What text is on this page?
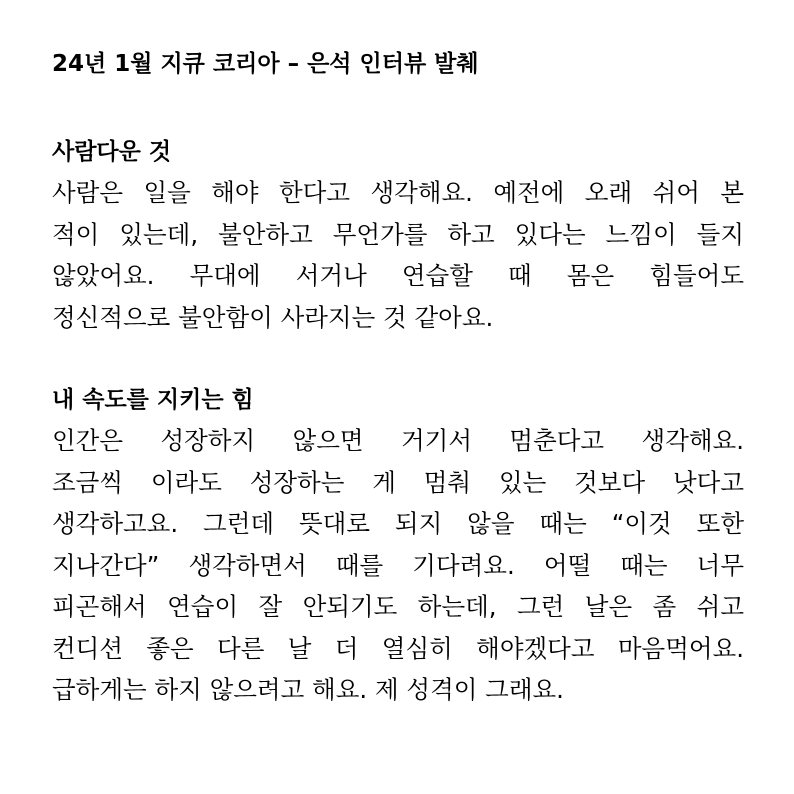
24년 1월 지큐 코리아 – 은석 인터뷰 발췌
사람다운 것

사람은 일을 해야 한다고 생각해요. 예전에 오래 쉬어 본
적이 있는데, 불안하고 무언가를 하고 있다는 느낌이 들지
않았어요. 무대에 서거나 연습할 때 몸은 힘들어도
정신적으로 불안함이 사라지는 것 같아요.

내 속도를 지키는 힘

인간은 성장하지 않으면 거기서 멈춘다고 생각해요.
조금씩 이라도 성장하는 게 멈춰 있는 것보다 낫다고
생각하고요. 그런데 뜻대로 되지 않을 때는 “이것 또한
지나간다” 생각하면서 때를 기다려요. 어떨 때는 너무
피곤해서 연습이 잘 안되기도 하는데, 그런 날은 좀 쉬고
컨디션 좋은 다른 날 더 열심히 해야겠다고 마음먹어요.
급하게는 하지 않으려고 해요. 제 성격이 그래요.
